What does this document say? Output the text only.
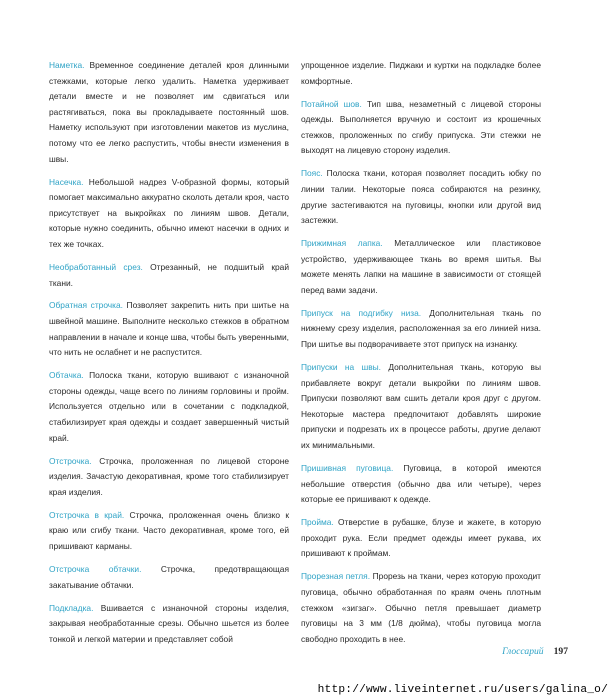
Наметка. Временное соединение деталей кроя длинными стежками, которые легко удалить. Наметка удерживает детали вместе и не позволяет им сдвигаться или растягиваться, пока вы прокладываете постоянный шов. Наметку используют при изготовлении макетов из муслина, потому что ее легко распустить, чтобы внести изменения в швы.

Насечка. Небольшой надрез V-образной формы, который помогает максимально аккуратно сколоть детали кроя, часто присутствует на выкройках по линиям швов. Детали, которые нужно соединить, обычно имеют насечки в одних и тех же точках.

Необработанный срез. Отрезанный, не подшитый край ткани.

Обратная строчка. Позволяет закрепить нить при шитье на швейной машине. Выполните несколько стежков в обратном направлении в начале и конце шва, чтобы быть уверенными, что нить не ослабнет и не распустится.

Обтачка. Полоска ткани, которую вшивают с изнаночной стороны одежды, чаще всего по линиям горловины и пройм. Используется отдельно или в сочетании с подкладкой, стабилизирует края одежды и создает завершенный чистый край.

Отстрочка. Строчка, проложенная по лицевой стороне изделия. Зачастую декоративная, кроме того стабилизирует края изделия.

Отстрочка в край. Строчка, проложенная очень близко к краю или сгибу ткани. Часто декоративная, кроме того, ей пришивают карманы.

Отстрочка обтачки. Строчка, предотвращающая закатывание обтачки.

Подкладка. Вшивается с изнаночной стороны изделия, закрывая необработанные срезы. Обычно шьется из более тонкой и легкой материи и представляет собой

упрощенное изделие. Пиджаки и куртки на подкладке более комфортные.

Потайной шов. Тип шва, незаметный с лицевой стороны одежды. Выполняется вручную и состоит из крошечных стежков, проложенных по сгибу припуска. Эти стежки не выходят на лицевую сторону изделия.

Пояс. Полоска ткани, которая позволяет посадить юбку по линии талии. Некоторые пояса собираются на резинку, другие застегиваются на пуговицы, кнопки или другой вид застежки.

Прижимная лапка. Металлическое или пластиковое устройство, удерживающее ткань во время шитья. Вы можете менять лапки на машине в зависимости от стоящей перед вами задачи.

Припуск на подгибку низа. Дополнительная ткань по нижнему срезу изделия, расположенная за его линией низа. При шитье вы подворачиваете этот припуск на изнанку.

Припуски на швы. Дополнительная ткань, которую вы прибавляете вокруг детали выкройки по линиям швов. Припуски позволяют вам сшить детали кроя друг с другом. Некоторые мастера предпочитают добавлять широкие припуски и подрезать их в процессе работы, другие делают их минимальными.

Пришивная пуговица. Пуговица, в которой имеются небольшие отверстия (обычно два или четыре), через которые ее пришивают к одежде.

Пройма. Отверстие в рубашке, блузе и жакете, в которую проходит рука. Если предмет одежды имеет рукава, их пришивают к проймам.

Прорезная петля. Прорезь на ткани, через которую проходит пуговица, обычно обработанная по краям очень плотным стежком «зигзаг». Обычно петля превышает диаметр пуговицы на 3 мм (1/8 дюйма), чтобы пуговица могла свободно проходить в нее.

Глоссарий 197
http://www.liveinternet.ru/users/galina_o/
